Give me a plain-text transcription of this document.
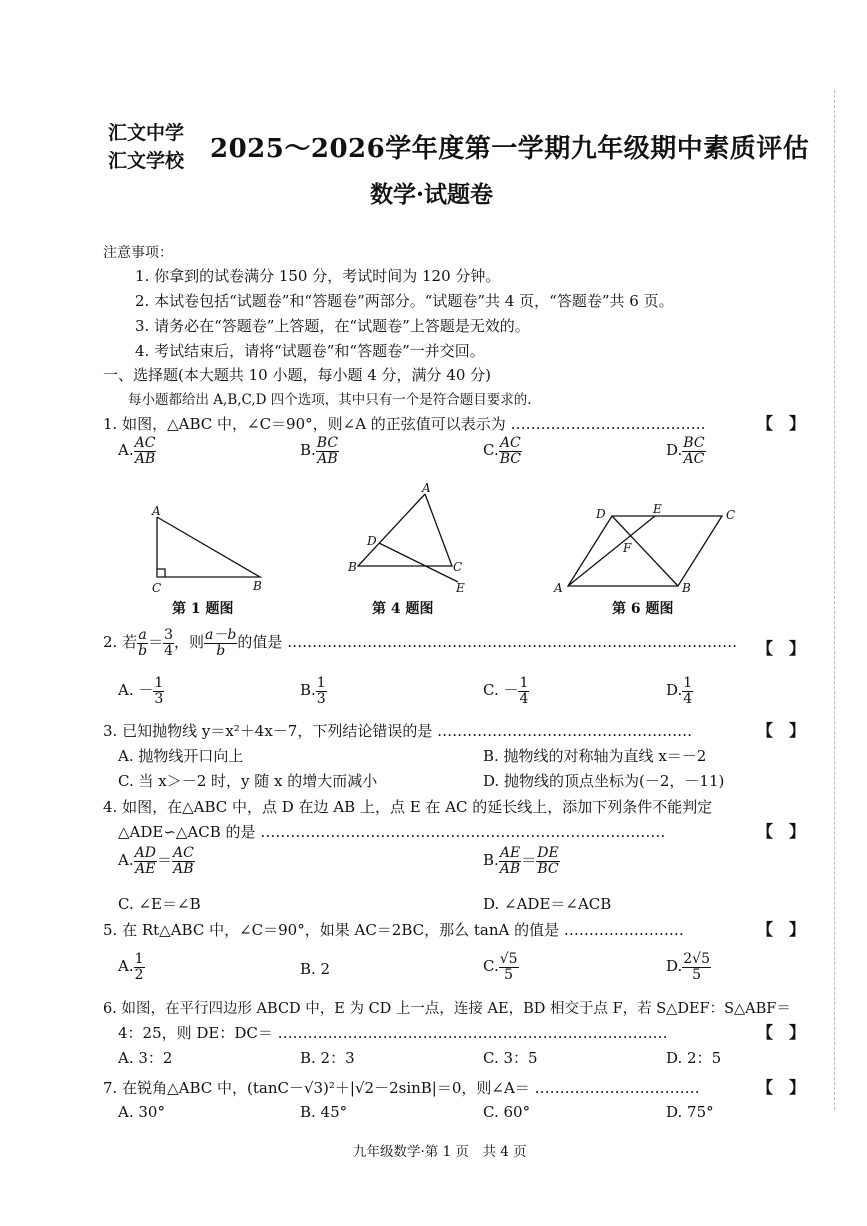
汇文中学
汇文学校 2025～2026学年度第一学期九年级期中素质评估
数学·试题卷
注意事项：
1. 你拿到的试卷满分 150 分，考试时间为 120 分钟。
2. 本试卷包括“试题卷”和“答题卷”两部分。“试题卷”共 4 页，“答题卷”共 6 页。
3. 请务必在“答题卷”上答题，在“试题卷”上答题是无效的。
4. 考试结束后，请将“试题卷”和“答题卷”一并交回。
一、选择题(本大题共 10 小题，每小题 4 分，满分 40 分)
每小题都给出 A,B,C,D 四个选项，其中只有一个是符合题目要求的.
1. 如图，△ABC 中，∠C＝90°，则∠A 的正弦值可以表示为 …………………………………	【　】
A. $\frac{AC}{AB}$	B. $\frac{BC}{AB}$	C. $\frac{AC}{BC}$	D. $\frac{BC}{AC}$
A
C	B
第 1 题图
A
D
B	C
E
第 4 题图
D	E	C
F
A	B
第 6 题图
2. 若 $\frac{a}{b} = \frac{3}{4}$ ，则 $\frac{a-b}{b}$ 的值是 ……………………………………………………………………………… 【　】
A. － $\frac{1}{3}$	B. $\frac{1}{3}$	C. － $\frac{1}{4}$	D. $\frac{1}{4}$
3. 已知抛物线 y＝x²＋4x－7，下列结论错误的是 ……………………………………………	【　】
A. 抛物线开口向上	B. 抛物线的对称轴为直线 x＝－2
C. 当 x＞－2 时，y 随 x 的增大而减小	D. 抛物线的顶点坐标为(－2，－11)
4. 如图，在△ABC 中，点 D 在边 AB 上，点 E 在 AC 的延长线上，添加下列条件不能判定
△ADE∽△ACB 的是 ………………………………………………………………………	【　】
A. $\frac{AD}{AE} = \frac{AC}{AB}$	B. $\frac{AE}{AB} = \frac{DE}{BC}$
C. ∠E＝∠B	D. ∠ADE＝∠ACB
5. 在 Rt△ABC 中，∠C＝90°，如果 AC＝2BC，那么 tanA 的值是 ……………………	【　】
A. $\frac{1}{2}$	B. 2	C. $\frac{√5}{5}$	D. $\frac{2√5}{5}$
6. 如图，在平行四边形 ABCD 中，E 为 CD 上一点，连接 AE，BD 相交于点 F，若 S△DEF：S△ABF＝
4：25，则 DE：DC＝ ……………………………………………………………………	【　】
A. 3：2	B. 2：3	C. 3：5	D. 2：5
7. 在锐角△ABC 中，(tanC－√3)²＋|√2－2sinB|＝0，则∠A＝ ……………………………	【　】
A. 30°	B. 45°	C. 60°	D. 75°
九年级数学·第 1 页　共 4 页
